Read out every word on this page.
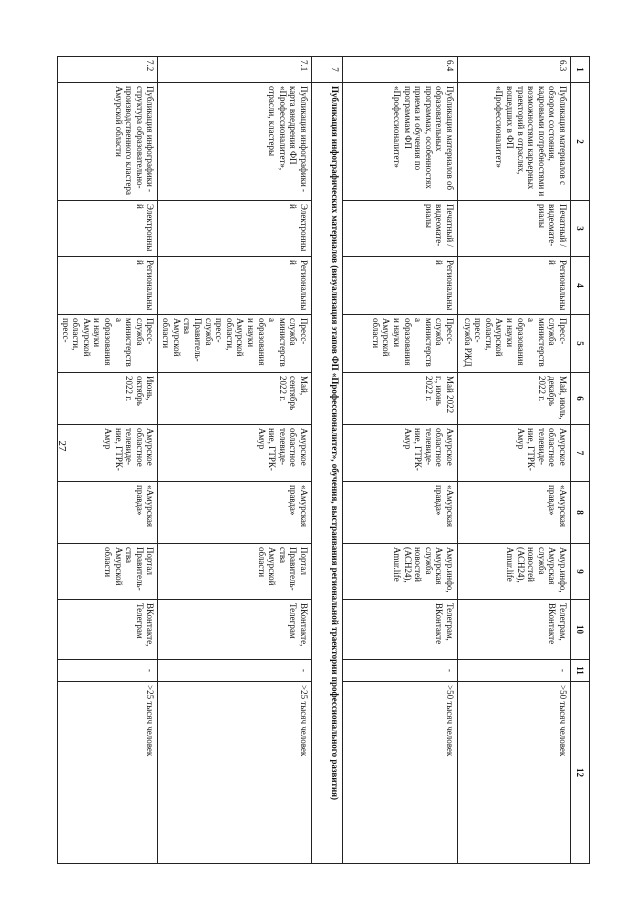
27
1	2	3	4	5	6	7	8	9	10	11	12
6.3	Публикация материалов с обзором состояния, кадровыми потребностями и возможностями карьерных траекторий в отраслях, вошедших в ФП «Профессионалитет»	Печатный / видеомате-риалы	Региональный	Пресс-служба министерства образования и науки Амурской области, пресс-служба РЖД	Май, июль, декабрь 2022 г.	Амурское областное телевиде-ние, ГТРК-Амур	«Амурская правда»	Амур.инфо, Амурская служба новостей (АСН24), Amur.life	Телеграм, ВКонтакте	-	>50 тысяч человек
6.4	Публикация материалов об образовательных программах, особенностях приема и обучения по программам ФП «Профессионалитет»	Печатный / видеомате-риалы	Региональный	Пресс-служба министерства образования и науки Амурской области	Май 2022 г., июнь 2022 г.	Амурское областное телевиде-ние, ГТРК-Амур	«Амурская правда»	Амур.инфо, Амурская служба новостей (АСН24), Amur.life	Телеграм, ВКонтакте	-	>50 тысяч человек
7	Публикация инфографических материалов (визуализация этапов ФП «Профессионалитет», обучения, выстраивания региональной траектории профессионального развития)										
7.1	Публикация инфографики - карта внедрения ФП «Профессионалитет», отрасли, кластеры	Электронный	Региональный	Пресс-служба министерства образования и науки Амурской области, пресс-служба Правитель-ства Амурской области	Май, сентябрь 2022 г.	Амурское областное телевиде-ние, ГТРК-Амур	«Амурская правда»	Портал Правитель-ства Амурской области	ВКонтакте, Телеграм	-	>25 тысяч человек
7.2	Публикация инфографики - структура образовательно-производственного кластера Амурской области	Электронный	Региональный	Пресс-служба министерства образования и науки Амурской области, пресс-	Июнь, октябрь 2022 г.	Амурское областное телевиде-ние, ГТРК-Амур	«Амурская правда»	Портал Правитель-ства Амурской области	ВКонтакте, Телеграм	-	>25 тысяч человек
